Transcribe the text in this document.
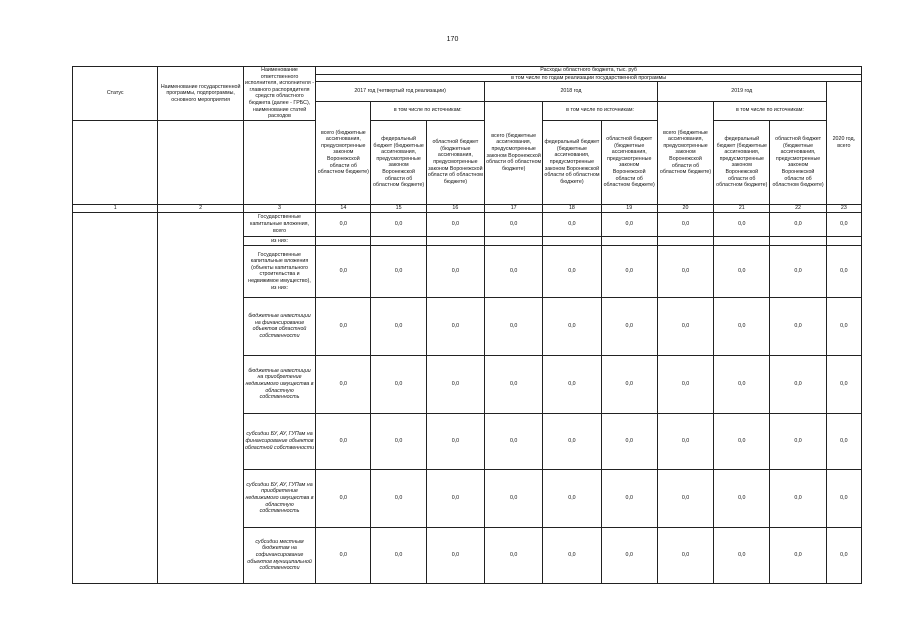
170
Статус	Наименование государственной программы, подпрограммы, основного мероприятия	Наименование ответственного исполнителя, исполнителя - главного распорядителя средств областного бюджета (далее - ГРБС), наименование статей расходов	Расходы областного бюджета, тыс. руб									
			в том числе по годам реализации государственной программы									
			2017 год (четвертый год реализации)			2018 год			2019 год			2020 год, всего
			всего (бюджетные ассигнования, предусмотренные законом Воронежской области об областном бюджете)	в том числе по источникам:		всего (бюджетные ассигнования, предусмотренные законом Воронежской области об областном бюджете)	в том числе по источникам:		всего (бюджетные ассигнования, предусмотренные законом Воронежской области об областном бюджете)	в том числе по источникам:		
				федеральный бюджет (бюджетные ассигнования, предусмотренные законом Воронежской области об областном бюджете)	областной бюджет (бюджетные ассигнования, предусмотренные законом Воронежской области об областном бюджете)		федеральный бюджет (бюджетные ассигнования, предусмотренные законом Воронежской области об областном бюджете)	областной бюджет (бюджетные ассигнования, предусмотренные законом Воронежской области об областном бюджете)		федеральный бюджет (бюджетные ассигнования, предусмотренные законом Воронежской области об областном бюджете)	областной бюджет (бюджетные ассигнования, предусмотренные законом Воронежской области об областном бюджете)	
1	2	3	14	15	16	17	18	19	20	21	22	23
		Государственные капитальные вложения, всего	0,0	0,0	0,0	0,0	0,0	0,0	0,0	0,0	0,0	0,0
		из них:										
		Государственные капитальные вложения (объекты капитального строительства и недвижимое имущество), из них:	0,0	0,0	0,0	0,0	0,0	0,0	0,0	0,0	0,0	0,0
		бюджетные инвестиции на финансирование объектов областной собственности	0,0	0,0	0,0	0,0	0,0	0,0	0,0	0,0	0,0	0,0
		бюджетные инвестиции на приобретение недвижимого имущества в областную собственность	0,0	0,0	0,0	0,0	0,0	0,0	0,0	0,0	0,0	0,0
		субсидии БУ, АУ, ГУПам на финансирование объектов областной собственности	0,0	0,0	0,0	0,0	0,0	0,0	0,0	0,0	0,0	0,0
		субсидии БУ, АУ, ГУПам на приобретение недвижимого имущества в областную собственность	0,0	0,0	0,0	0,0	0,0	0,0	0,0	0,0	0,0	0,0
		субсидии местным бюджетам на софинансирование объектов муниципальной собственности	0,0	0,0	0,0	0,0	0,0	0,0	0,0	0,0	0,0	0,0
